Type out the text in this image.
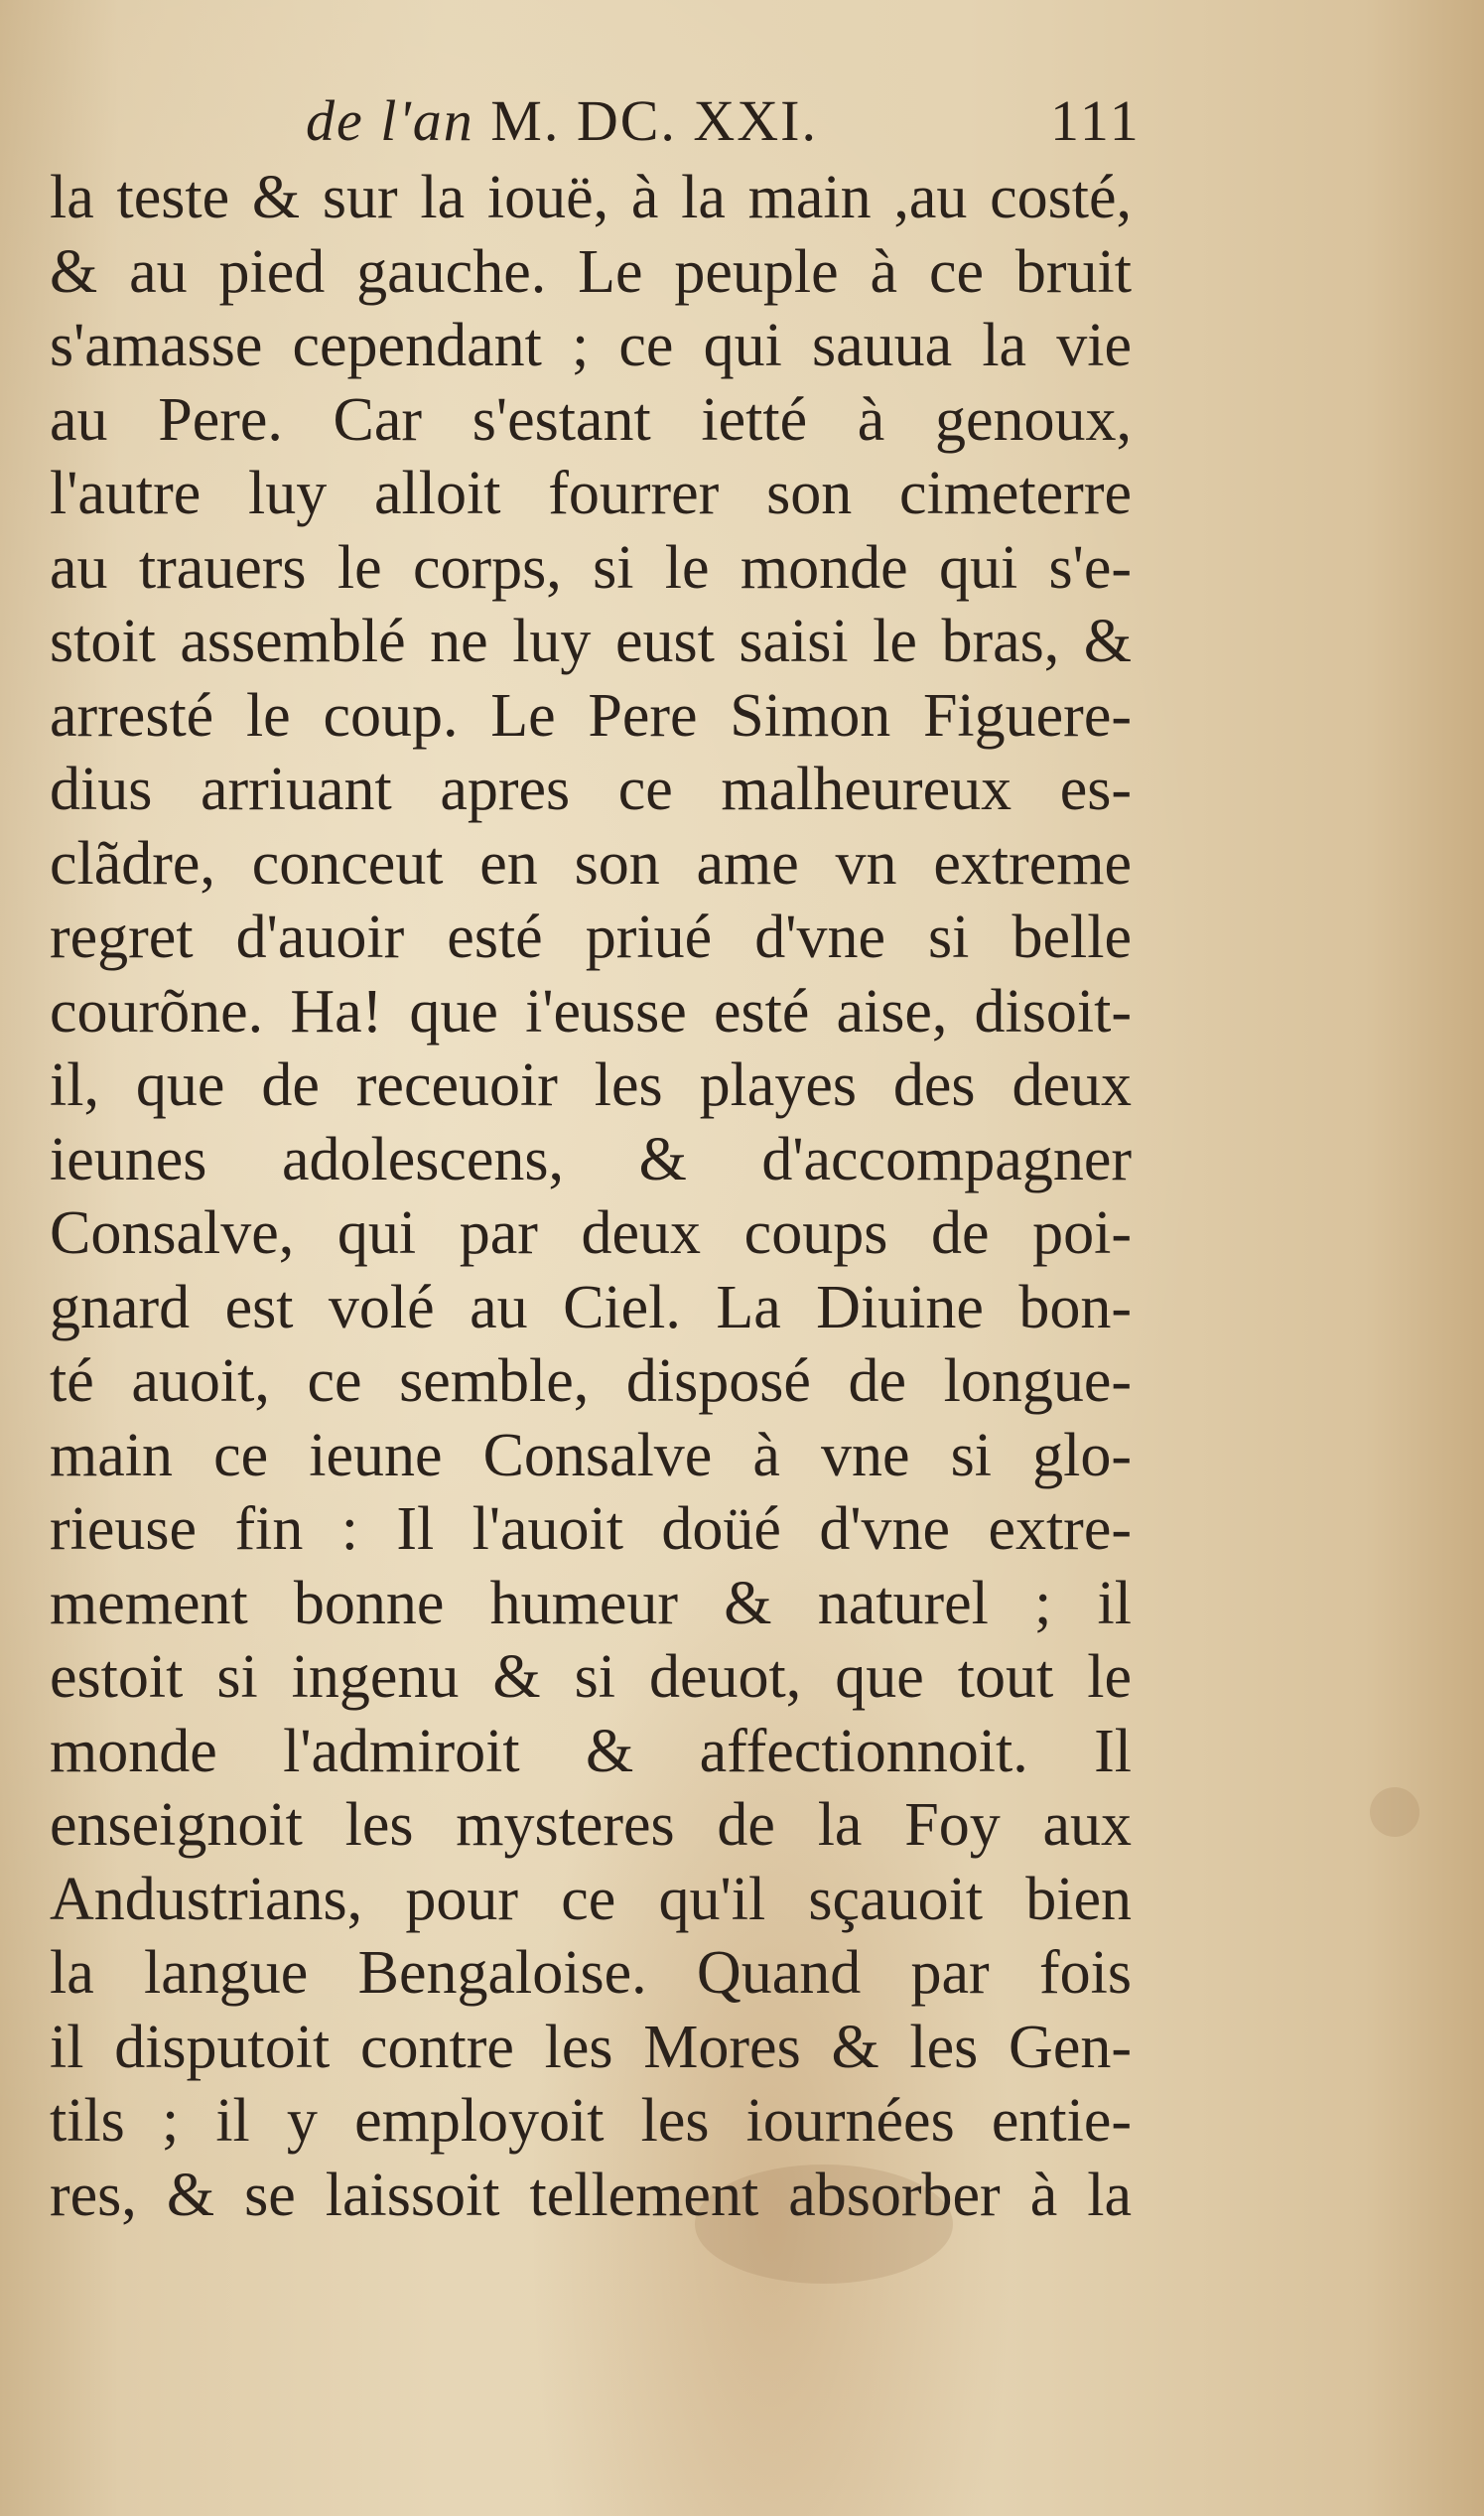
de l'an M. DC. XXI.	111
la teste & sur la iouë, à la main ,au costé,
& au pied gauche. Le peuple à ce bruit
s'amasse cependant ; ce qui sauua la vie
au Pere. Car s'estant ietté à genoux,
l'autre luy alloit fourrer son cimeterre
au trauers le corps, si le monde qui s'e-
stoit assemblé ne luy eust saisi le bras, &
arresté le coup. Le Pere Simon Figuere-
dius arriuant apres ce malheureux es-
clãdre, conceut en son ame vn extreme
regret d'auoir esté priué d'vne si belle
courõne. Ha! que i'eusse esté aise, disoit-
il, que de receuoir les playes des deux
ieunes adolescens, & d'accompagner
Consalve, qui par deux coups de poi-
gnard est volé au Ciel. La Diuine bon-
té auoit, ce semble, disposé de longue-
main ce ieune Consalve à vne si glo-
rieuse fin : Il l'auoit doüé d'vne extre-
mement bonne humeur & naturel ; il
estoit si ingenu & si deuot, que tout le
monde l'admiroit & affectionnoit. Il
enseignoit les mysteres de la Foy aux
Andustrians, pour ce qu'il sçauoit bien
la langue Bengaloise. Quand par fois
il disputoit contre les Mores & les Gen-
tils ; il y employoit les iournées entie-
res, & se laissoit tellement absorber à la
